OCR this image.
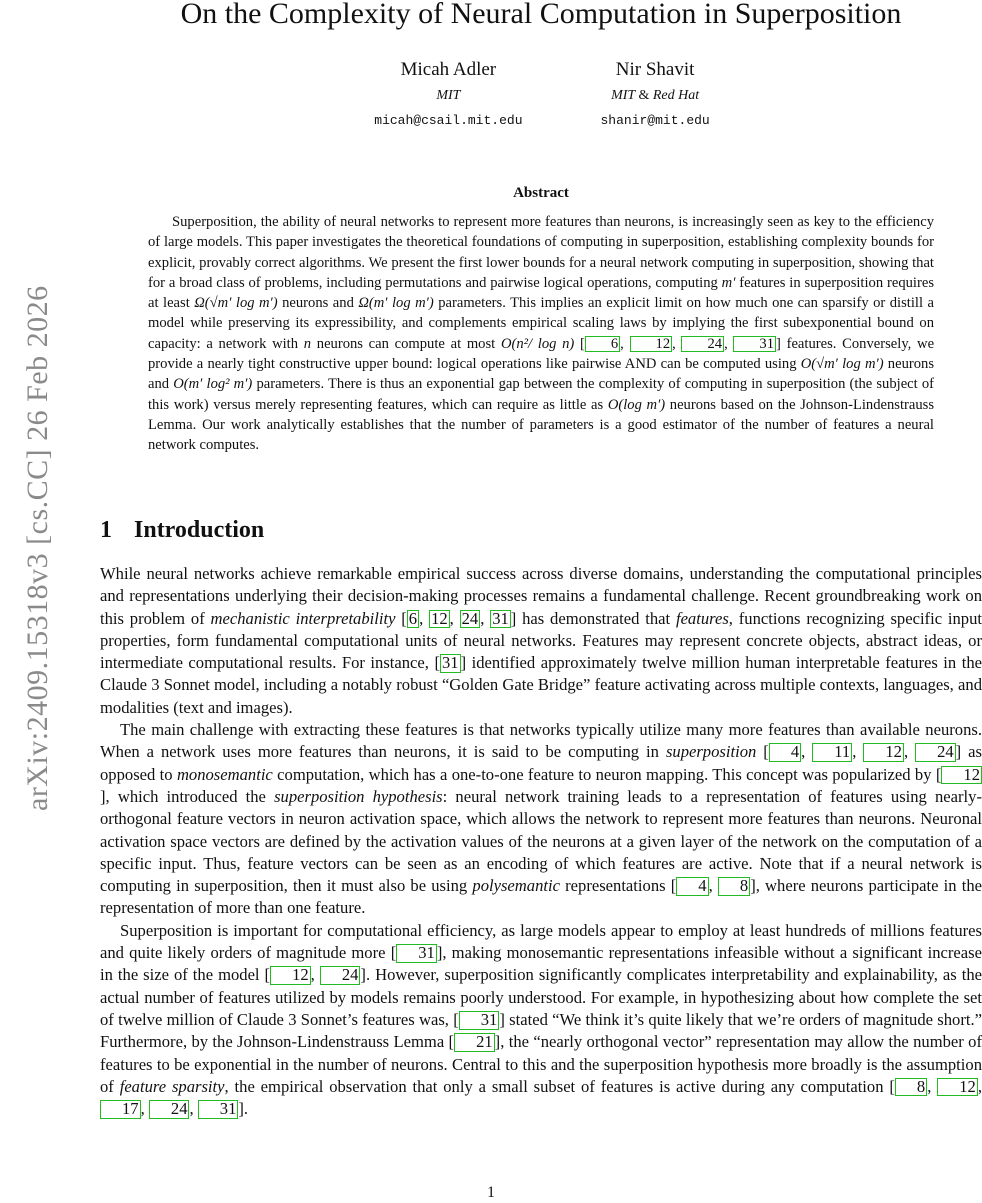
arXiv:2409.15318v3 [cs.CC] 26 Feb 2026
On the Complexity of Neural Computation in Superposition
Micah Adler
MIT
micah@csail.mit.edu
Nir Shavit
MIT & Red Hat
shanir@mit.edu
Abstract

Superposition, the ability of neural networks to represent more features than neurons, is increasingly seen as key to the efficiency of large models. This paper investigates the theoretical foundations of computing in superposition, establishing complexity bounds for explicit, provably correct algorithms. We present the first lower bounds for a neural network computing in superposition, showing that for a broad class of problems, including permutations and pairwise logical operations, computing m′ features in superposition requires at least Ω(√m′ log m′) neurons and Ω(m′ log m′) parameters. This implies an explicit limit on how much one can sparsify or distill a model while preserving its expressibility, and complements empirical scaling laws by implying the first subexponential bound on capacity: a network with n neurons can compute at most O(n²/ log n) [ 6 , 12 , 24 , 31 ] features. Conversely, we provide a nearly tight constructive upper bound: logical operations like pairwise AND can be computed using O(√m′ log m′) neurons and O(m′ log² m′) parameters. There is thus an exponential gap between the complexity of computing in superposition (the subject of this work) versus merely representing features, which can require as little as O(log m′) neurons based on the Johnson-Lindenstrauss Lemma. Our work analytically establishes that the number of parameters is a good estimator of the number of features a neural network computes.

1 Introduction

While neural networks achieve remarkable empirical success across diverse domains, understanding the computational principles and representations underlying their decision-making processes remains a fundamental challenge. Recent groundbreaking work on this problem of mechanistic interpretability [ 6 , 12 , 24 , 31 ] has demonstrated that features, functions recognizing specific input properties, form fundamental computational units of neural networks. Features may represent concrete objects, abstract ideas, or intermediate computational results. For instance, [ 31 ] identified approximately twelve million human interpretable features in the Claude 3 Sonnet model, including a notably robust “Golden Gate Bridge” feature activating across multiple contexts, languages, and modalities (text and images).

The main challenge with extracting these features is that networks typically utilize many more features than available neurons. When a network uses more features than neurons, it is said to be computing in superposition [ 4 , 11 , 12 , 24 ] as opposed to monosemantic computation, which has a one-to-one feature to neuron mapping. This concept was popularized by [ 12], which introduced the superposition hypothesis: neural network training leads to a representation of features using nearly-orthogonal feature vectors in neuron activation space, which allows the network to represent more features than neurons. Neuronal activation space vectors are defined by the activation values of the neurons at a given layer of the network on the computation of a specific input. Thus, feature vectors can be seen as an encoding of which features are active. Note that if a neural network is computing in superposition, then it must also be using polysemantic representations [ 4 , 8 ], where neurons participate in the representation of more than one feature.

Superposition is important for computational efficiency, as large models appear to employ at least hundreds of millions features and quite likely orders of magnitude more [ 31 ], making monosemantic representations infeasible without a significant increase in the size of the model [ 12 , 24 ]. However, superposition significantly complicates interpretability and explainability, as the actual number of features utilized by models remains poorly understood. For example, in hypothesizing about how complete the set of twelve million of Claude 3 Sonnet’s features was, [ 31 ] stated “We think it’s quite likely that we’re orders of magnitude short.” Furthermore, by the Johnson-Lindenstrauss Lemma [ 21 ], the “nearly orthogonal vector” representation may allow the number of features to be exponential in the number of neurons. Central to this and the superposition hypothesis more broadly is the assumption of feature sparsity, the empirical observation that only a small subset of features is active during any computation [ 8 , 12 , 17 , 24 , 31 ].

1
